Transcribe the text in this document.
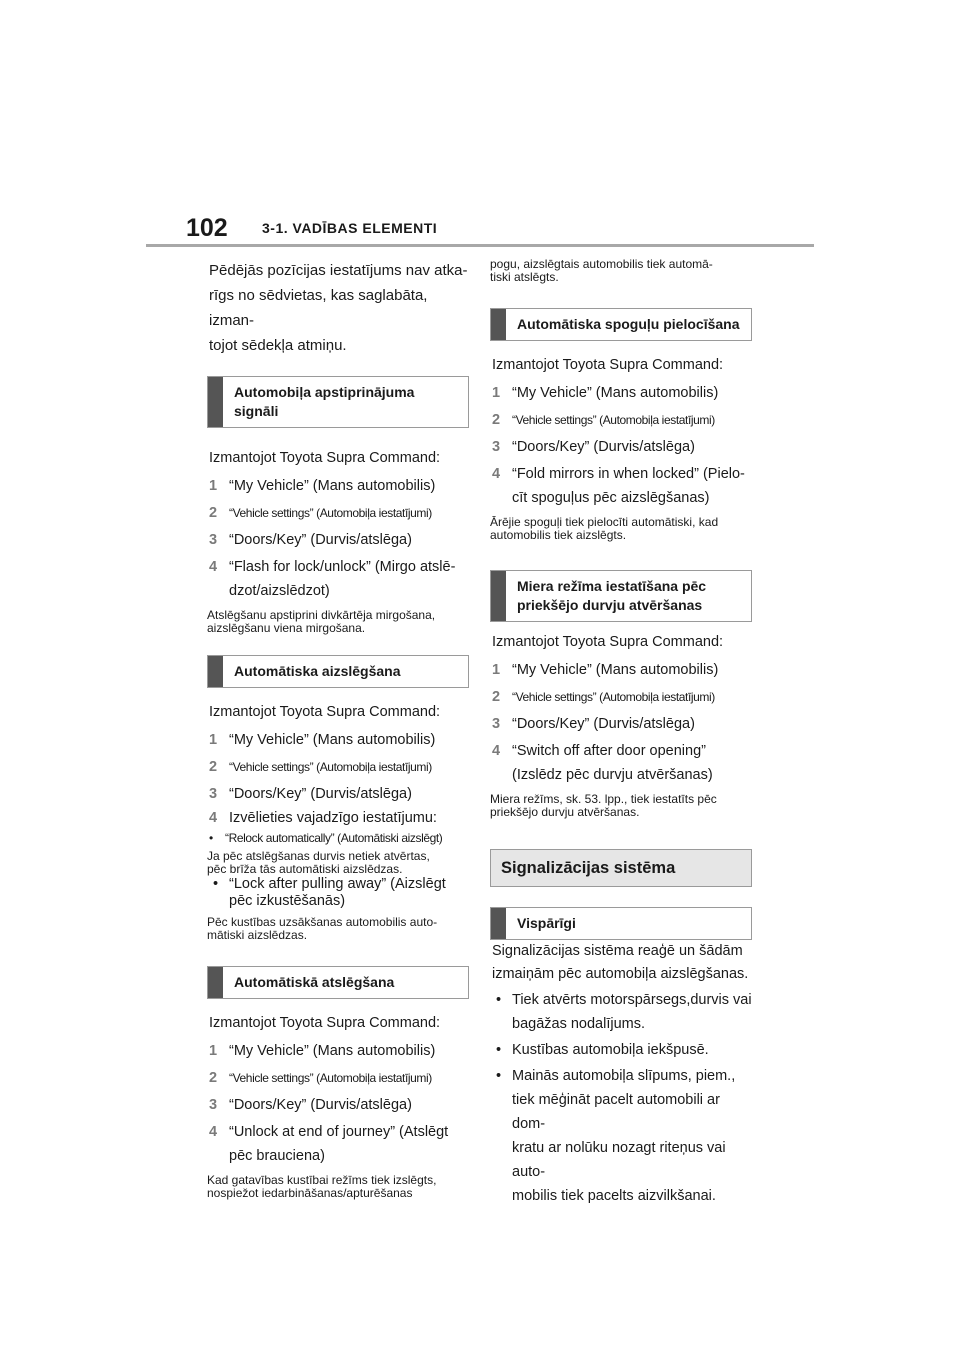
102 3-1. VADĪBAS ELEMENTI
Pēdējās pozīcijas iestatījums nav atka-
rīgs no sēdvietas, kas saglabāta, izman-
tojot sēdekļa atmiņu.
Automobiļa apstiprinājuma signāli
Izmantojot Toyota Supra Command:
1 “My Vehicle” (Mans automobilis)
2 “Vehicle settings” (Automobiļa iestatījumi)
3 “Doors/Key” (Durvis/atslēga)
4 “Flash for lock/unlock” (Mirgo atslē-
dzot/aizslēdzot)
Atslēgšanu apstiprini divkārtēja mirgošana,
aizslēgšanu viena mirgošana.
Automātiska aizslēgšana
Izmantojot Toyota Supra Command:
1 “My Vehicle” (Mans automobilis)
2 “Vehicle settings” (Automobiļa iestatījumi)
3 “Doors/Key” (Durvis/atslēga)
4 Izvēlieties vajadzīgo iestatījumu:
• “Relock automatically” (Automātiski aizslēgt)
Ja pēc atslēgšanas durvis netiek atvērtas,
pēc brīža tās automātiski aizslēdzas.
• “Lock after pulling away” (Aizslēgt
pēc izkustēšanās)
Pēc kustības uzsākšanas automobilis auto-
mātiski aizslēdzas.
Automātiskā atslēgšana
Izmantojot Toyota Supra Command:
1 “My Vehicle” (Mans automobilis)
2 “Vehicle settings” (Automobiļa iestatījumi)
3 “Doors/Key” (Durvis/atslēga)
4 “Unlock at end of journey” (Atslēgt
pēc brauciena)
Kad gatavības kustībai režīms tiek izslēgts,
nospiežot iedarbināšanas/apturēšanas
pogu, aizslēgtais automobilis tiek automā-
tiski atslēgts.
Automātiska spoguļu pielocīšana
Izmantojot Toyota Supra Command:
1 “My Vehicle” (Mans automobilis)
2 “Vehicle settings” (Automobiļa iestatījumi)
3 “Doors/Key” (Durvis/atslēga)
4 “Fold mirrors in when locked” (Pielo-
cīt spoguļus pēc aizslēgšanas)
Ārējie spoguļi tiek pielocīti automātiski, kad
automobilis tiek aizslēgts.
Miera režīma iestatīšana pēc
priekšējo durvju atvēršanas
Izmantojot Toyota Supra Command:
1 “My Vehicle” (Mans automobilis)
2 “Vehicle settings” (Automobiļa iestatījumi)
3 “Doors/Key” (Durvis/atslēga)
4 “Switch off after door opening”
(Izslēdz pēc durvju atvēršanas)
Miera režīms, sk. 53. lpp., tiek iestatīts pēc
priekšējo durvju atvēršanas.
Signalizācijas sistēma
Vispārīgi
Signalizācijas sistēma reaģē un šādām
izmaiņām pēc automobiļa aizslēgšanas.
• Tiek atvērts motorspārsegs,durvis vai
bagāžas nodalījums.
• Kustības automobiļa iekšpusē.
• Mainās automobiļa slīpums, piem.,
tiek mēģināt pacelt automobili ar dom-
kratu ar nolūku nozagt riteņus vai auto-
mobilis tiek pacelts aizvilkšanai.
